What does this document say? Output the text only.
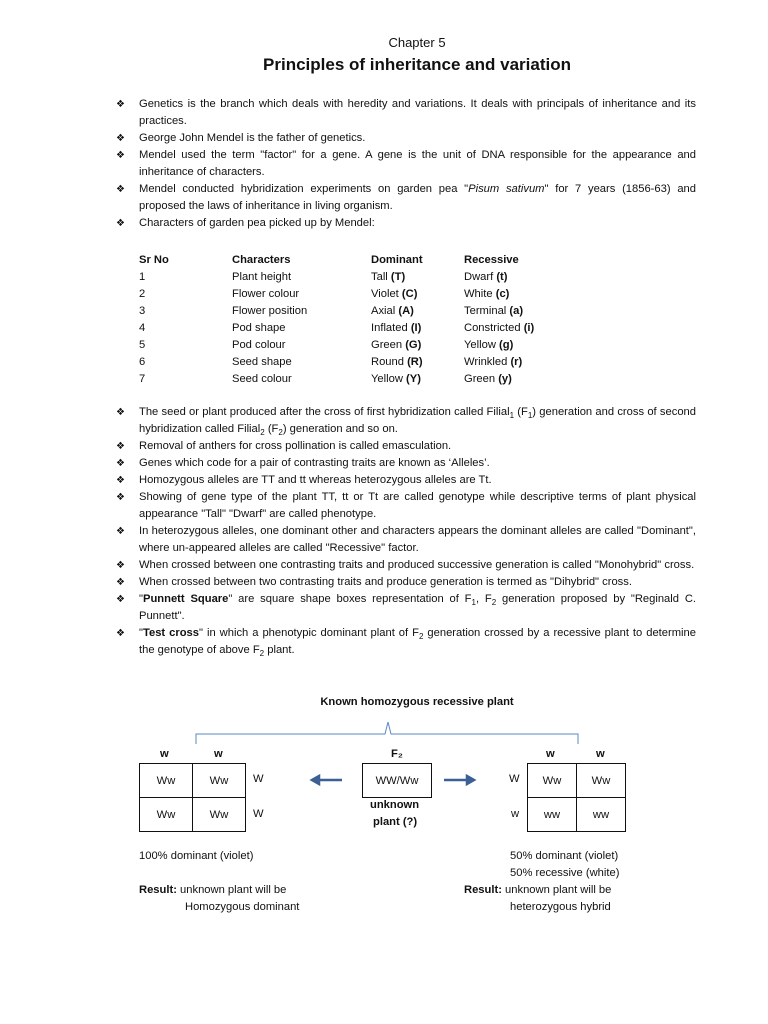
Chapter 5
Principles of inheritance and variation
❖ Genetics is the branch which deals with heredity and variations. It deals with principals of inheritance and its practices.
❖ George John Mendel is the father of genetics.
❖ Mendel used the term "factor" for a gene. A gene is the unit of DNA responsible for the appearance and inheritance of characters.
❖ Mendel conducted hybridization experiments on garden pea "Pisum sativum" for 7 years (1856-63) and proposed the laws of inheritance in living organism.
❖ Characters of garden pea picked up by Mendel:
Sr No	Characters	Dominant	Recessive
1	Plant height	Tall (T)	Dwarf (t)
2	Flower colour	Violet (C)	White (c)
3	Flower position	Axial (A)	Terminal (a)
4	Pod shape	Inflated (I)	Constricted (i)
5	Pod colour	Green (G)	Yellow (g)
6	Seed shape	Round (R)	Wrinkled (r)
7	Seed colour	Yellow (Y)	Green (y)
❖ The seed or plant produced after the cross of first hybridization called Filial$_1$ $(F_1)$ generation and cross of second hybridization called Filial$_2$ $(F_2)$ generation and so on.
❖ Removal of anthers for cross pollination is called emasculation.
❖ Genes which code for a pair of contrasting traits are known as ‘Alleles’.
❖ Homozygous alleles are TT and tt whereas heterozygous alleles are Tt.
❖ Showing of gene type of the plant TT, tt or Tt are called genotype while descriptive terms of plant physical appearance "Tall" "Dwarf" are called phenotype.
❖ In heterozygous alleles, one dominant other and characters appears the dominant alleles are called "Dominant", where un-appeared alleles are called "Recessive" factor.
❖ When crossed between one contrasting traits and produced successive generation is called "Monohybrid" cross.
❖ When crossed between two contrasting traits and produce generation is termed as "Dihybrid" cross.
❖ "Punnett Square" are square shape boxes representation of $F_1$, $F_2$ generation proposed by "Reginald C. Punnett".
❖ "Test cross" in which a phenotypic dominant plant of $F_2$ generation crossed by a recessive plant to determine the genotype of above $F_2$ plant.
Known homozygous recessive plant
w	w
Ww	Ww
Ww	Ww
W
W
F₂
WW/Ww
unknown
plant (?)
w	w
W
w
Ww	Ww
ww	ww
100% dominant (violet)
Result: unknown plant will be
Homozygous dominant
50% dominant (violet)
50% recessive (white)
Result: unknown plant will be
heterozygous hybrid
